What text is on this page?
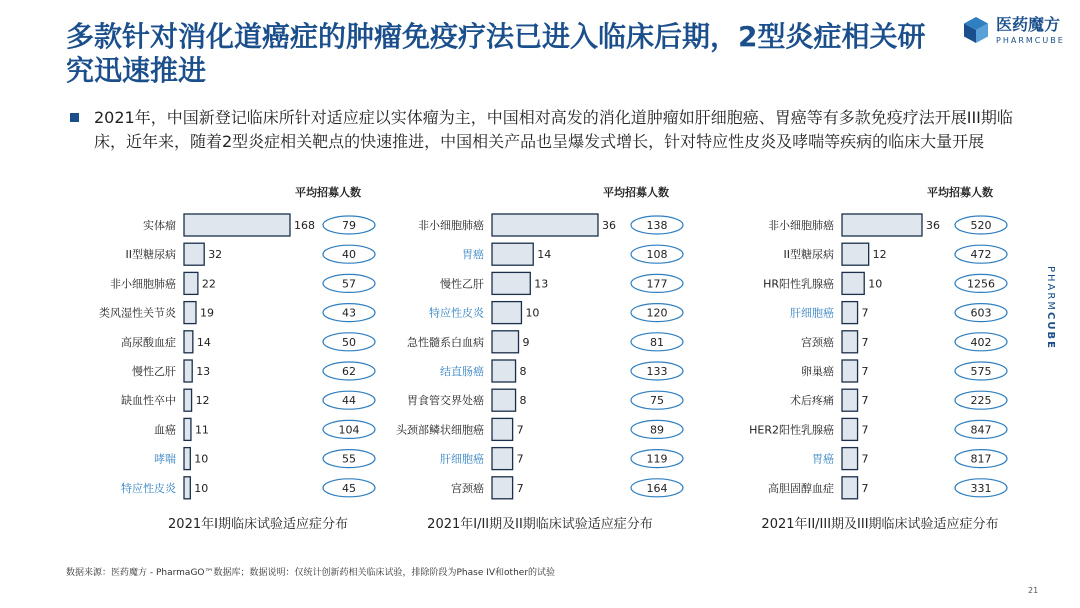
多款针对消化道癌症的肿瘤免疫疗法已进入临床后期，2型炎症相关研究迅速推进
医药魔方
PHARMCUBE
2021年，中国新登记临床所针对适应症以实体瘤为主，中国相对高发的消化道肿瘤如肝细胞癌、胃癌等有多款免疫疗法开展III期临床，近年来，随着2型炎症相关靶点的快速推进，中国相关产品也呈爆发式增长，针对特应性皮炎及哮喘等疾病的临床大量开展
平均招募人数
实体瘤	168 79
II型糖尿病	32	40
非小细胞肺癌 22	57
类风湿性关节炎 19	43
高尿酸血症 14	50
慢性乙肝 13	62
缺血性卒中 12	44
血癌 11	104
哮喘 10	55
特应性皮炎 10	45
2021年I期临床试验适应症分布
平均招募人数
非小细胞肺癌	36	138
胃癌	14	108
慢性乙肝	13	177
特应性皮炎	10	120
急性髓系白血病	9	81
结直肠癌	8	133
胃食管交界处癌	8	75
头颈部鳞状细胞癌	7	89
肝细胞癌	7	119
宫颈癌	7	164
2021年I/II期及II期临床试验适应症分布
平均招募人数
非小细胞肺癌	36	520
II型糖尿病	12	472
HR阳性乳腺癌	10	1256
肝细胞癌	7	603
宫颈癌	7	402
卵巢癌	7	575
术后疼痛	7	225
HER2阳性乳腺癌	7	847
胃癌	7	817
高胆固醇血症	7	331
2021年II/III期及III期临床试验适应症分布
数据来源：医药魔方 - PharmaGO™数据库；数据说明：仅统计创新药相关临床试验，排除阶段为Phase IV和other的试验
21
PHARM
CUBE
